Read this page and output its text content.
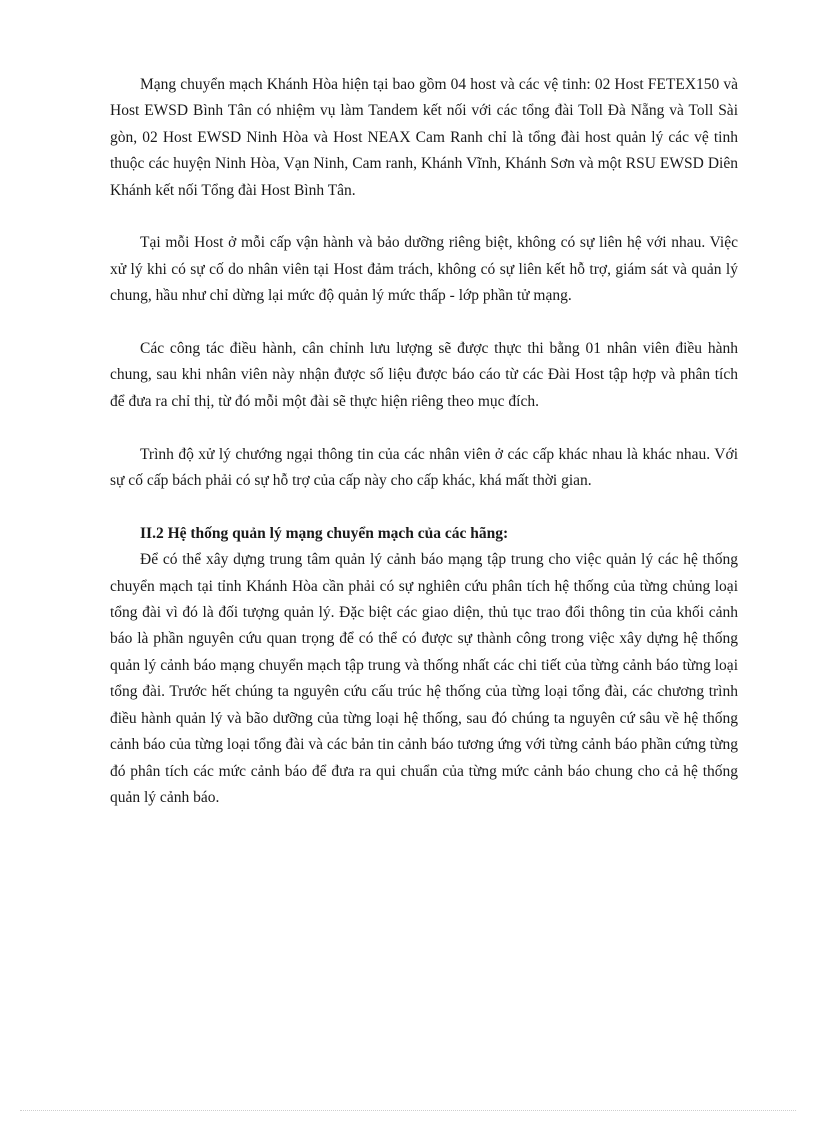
Mạng chuyển mạch Khánh Hòa hiện tại bao gồm 04 host và các vệ tinh: 02 Host FETEX150 và Host EWSD Bình Tân có nhiệm vụ làm Tandem kết nối với các tổng đài Toll Đà Nẵng và Toll Sài gòn, 02 Host EWSD Ninh Hòa và Host NEAX Cam Ranh chỉ là tổng đài host quản lý các vệ tinh thuộc các huyện Ninh Hòa, Vạn Ninh, Cam ranh, Khánh Vĩnh, Khánh Sơn và một RSU EWSD Diên Khánh kết nối Tổng đài Host Bình Tân.

Tại mỗi Host ở mỗi cấp vận hành và bảo dưỡng riêng biệt, không có sự liên hệ với nhau. Việc xử lý khi có sự cố do nhân viên tại Host đảm trách, không có sự liên kết hỗ trợ, giám sát và quản lý chung, hầu như chỉ dừng lại mức độ quản lý mức thấp - lớp phần tử mạng.

Các công tác điều hành, cân chỉnh lưu lượng sẽ được thực thi bằng 01 nhân viên điều hành chung, sau khi nhân viên này nhận được số liệu được báo cáo từ các Đài Host tập hợp và phân tích để đưa ra chỉ thị, từ đó mỗi một đài sẽ thực hiện riêng theo mục đích.

Trình độ xử lý chướng ngại thông tin của các nhân viên ở các cấp khác nhau là khác nhau. Với sự cố cấp bách phải có sự hỗ trợ của cấp này cho cấp khác, khá mất thời gian.

II.2 Hệ thống quản lý mạng chuyển mạch của các hãng:

Để có thể xây dựng trung tâm quản lý cảnh báo mạng tập trung cho việc quản lý các hệ thống chuyển mạch tại tỉnh Khánh Hòa cần phải có sự nghiên cứu phân tích hệ thống của từng chủng loại tổng đài vì đó là đối tượng quản lý. Đặc biệt các giao diện, thủ tục trao đổi thông tin của khối cảnh báo là phần nguyên cứu quan trọng để có thể có được sự thành công trong việc xây dựng hệ thống quản lý cảnh báo mạng chuyển mạch tập trung và thống nhất các chi tiết của từng cảnh báo từng loại tổng đài. Trước hết chúng ta nguyên cứu cấu trúc hệ thống của từng loại tổng đài, các chương trình điều hành quản lý và bão dưỡng của từng loại hệ thống, sau đó chúng ta nguyên cứ sâu về hệ thống cảnh báo của từng loại tổng đài và các bản tin cảnh báo tương ứng với từng cảnh báo phần cứng từng đó phân tích các mức cảnh báo để đưa ra qui chuẩn của từng mức cảnh báo chung cho cả hệ thống quản lý cảnh báo.
